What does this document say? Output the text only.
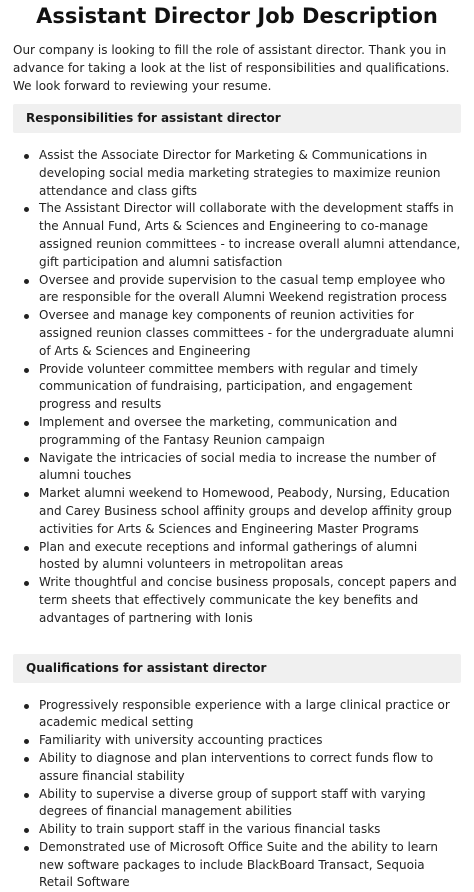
Assistant Director Job Description

Our company is looking to fill the role of assistant director. Thank you in advance for taking a look at the list of responsibilities and qualifications. We look forward to reviewing your resume.

Responsibilities for assistant director
Assist the Associate Director for Marketing & Communications in developing social media marketing strategies to maximize reunion attendance and class gifts
The Assistant Director will collaborate with the development staffs in the Annual Fund, Arts & Sciences and Engineering to co-manage assigned reunion committees - to increase overall alumni attendance, gift participation and alumni satisfaction
Oversee and provide supervision to the casual temp employee who are responsible for the overall Alumni Weekend registration process
Oversee and manage key components of reunion activities for assigned reunion classes committees - for the undergraduate alumni of Arts & Sciences and Engineering
Provide volunteer committee members with regular and timely communication of fundraising, participation, and engagement progress and results
Implement and oversee the marketing, communication and programming of the Fantasy Reunion campaign
Navigate the intricacies of social media to increase the number of alumni touches
Market alumni weekend to Homewood, Peabody, Nursing, Education and Carey Business school affinity groups and develop affinity group activities for Arts & Sciences and Engineering Master Programs
Plan and execute receptions and informal gatherings of alumni hosted by alumni volunteers in metropolitan areas
Write thoughtful and concise business proposals, concept papers and term sheets that effectively communicate the key benefits and advantages of partnering with Ionis
Qualifications for assistant director
Progressively responsible experience with a large clinical practice or academic medical setting
Familiarity with university accounting practices
Ability to diagnose and plan interventions to correct funds flow to assure financial stability
Ability to supervise a diverse group of support staff with varying degrees of financial management abilities
Ability to train support staff in the various financial tasks
Demonstrated use of Microsoft Office Suite and the ability to learn new software packages to include BlackBoard Transact, Sequoia Retail Software
